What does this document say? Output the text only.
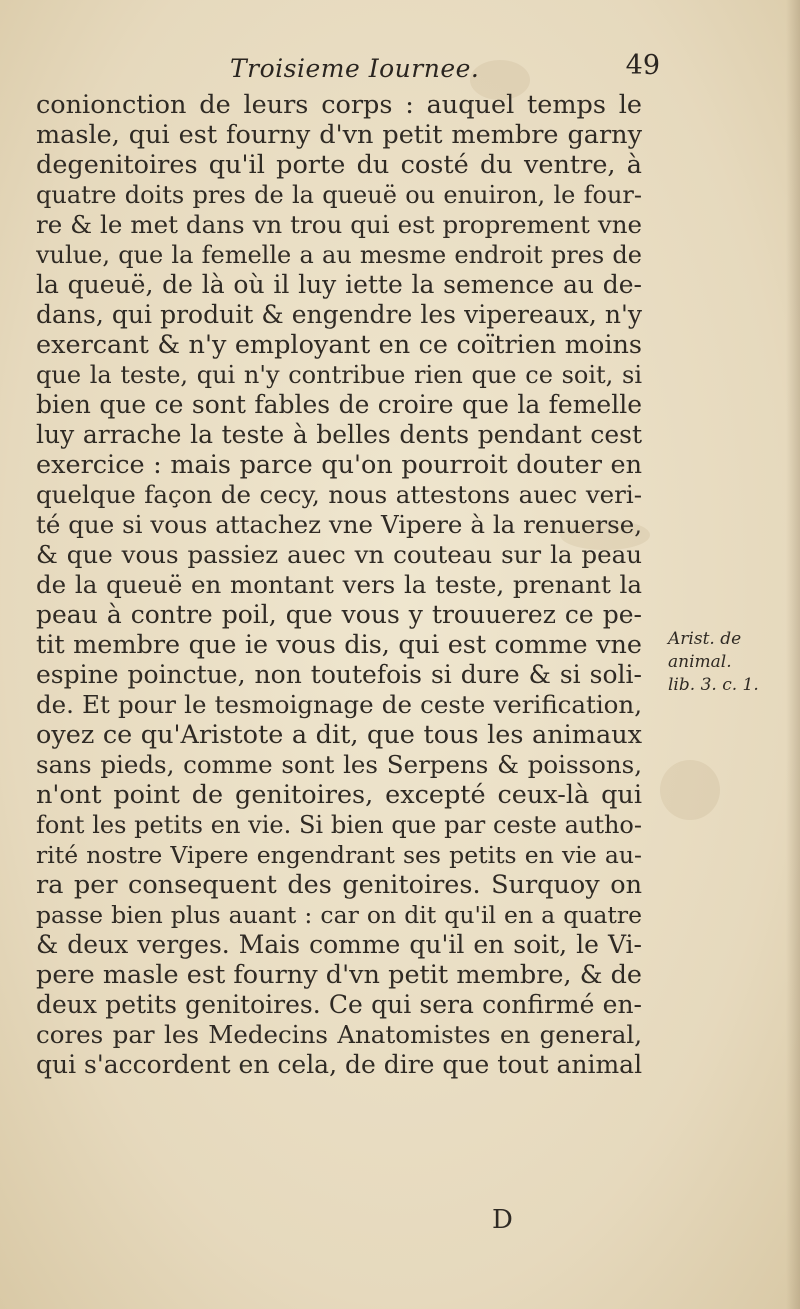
Troisieme Iournee.	49
conionction de leurs corps : auquel temps le
masle, qui est fourny d'vn petit membre garny
degenitoires qu'il porte du costé du ventre, à
quatre doits pres de la queuë ou enuiron, le four-
re & le met dans vn trou qui est proprement vne
vulue, que la femelle a au mesme endroit pres de
la queuë, de là où il luy iette la semence au de-
dans, qui produit & engendre les vipereaux, n'y
exercant & n'y employant en ce coïtrien moins
que la teste, qui n'y contribue rien que ce soit, si
bien que ce sont fables de croire que la femelle
luy arrache la teste à belles dents pendant cest
exercice : mais parce qu'on pourroit douter en
quelque façon de cecy, nous attestons auec veri-
té que si vous attachez vne Vipere à la renuerse,
& que vous passiez auec vn couteau sur la peau
de la queuë en montant vers la teste, prenant la
peau à contre poil, que vous y trouuerez ce pe-
tit membre que ie vous dis, qui est comme vne
espine poinctue, non toutefois si dure & si soli-
de. Et pour le tesmoignage de ceste verification,
oyez ce qu'Aristote a dit, que tous les animaux
sans pieds, comme sont les Serpens & poissons,
n'ont point de genitoires, excepté ceux-là qui
font les petits en vie. Si bien que par ceste autho-
rité nostre Vipere engendrant ses petits en vie au-
ra per consequent des genitoires. Surquoy on
passe bien plus auant : car on dit qu'il en a quatre
& deux verges. Mais comme qu'il en soit, le Vi-
pere masle est fourny d'vn petit membre, & de
deux petits genitoires. Ce qui sera confirmé en-
cores par les Medecins Anatomistes en general,
qui s'accordent en cela, de dire que tout animal
Arist. de
animal.
lib. 3. c. 1.
D
